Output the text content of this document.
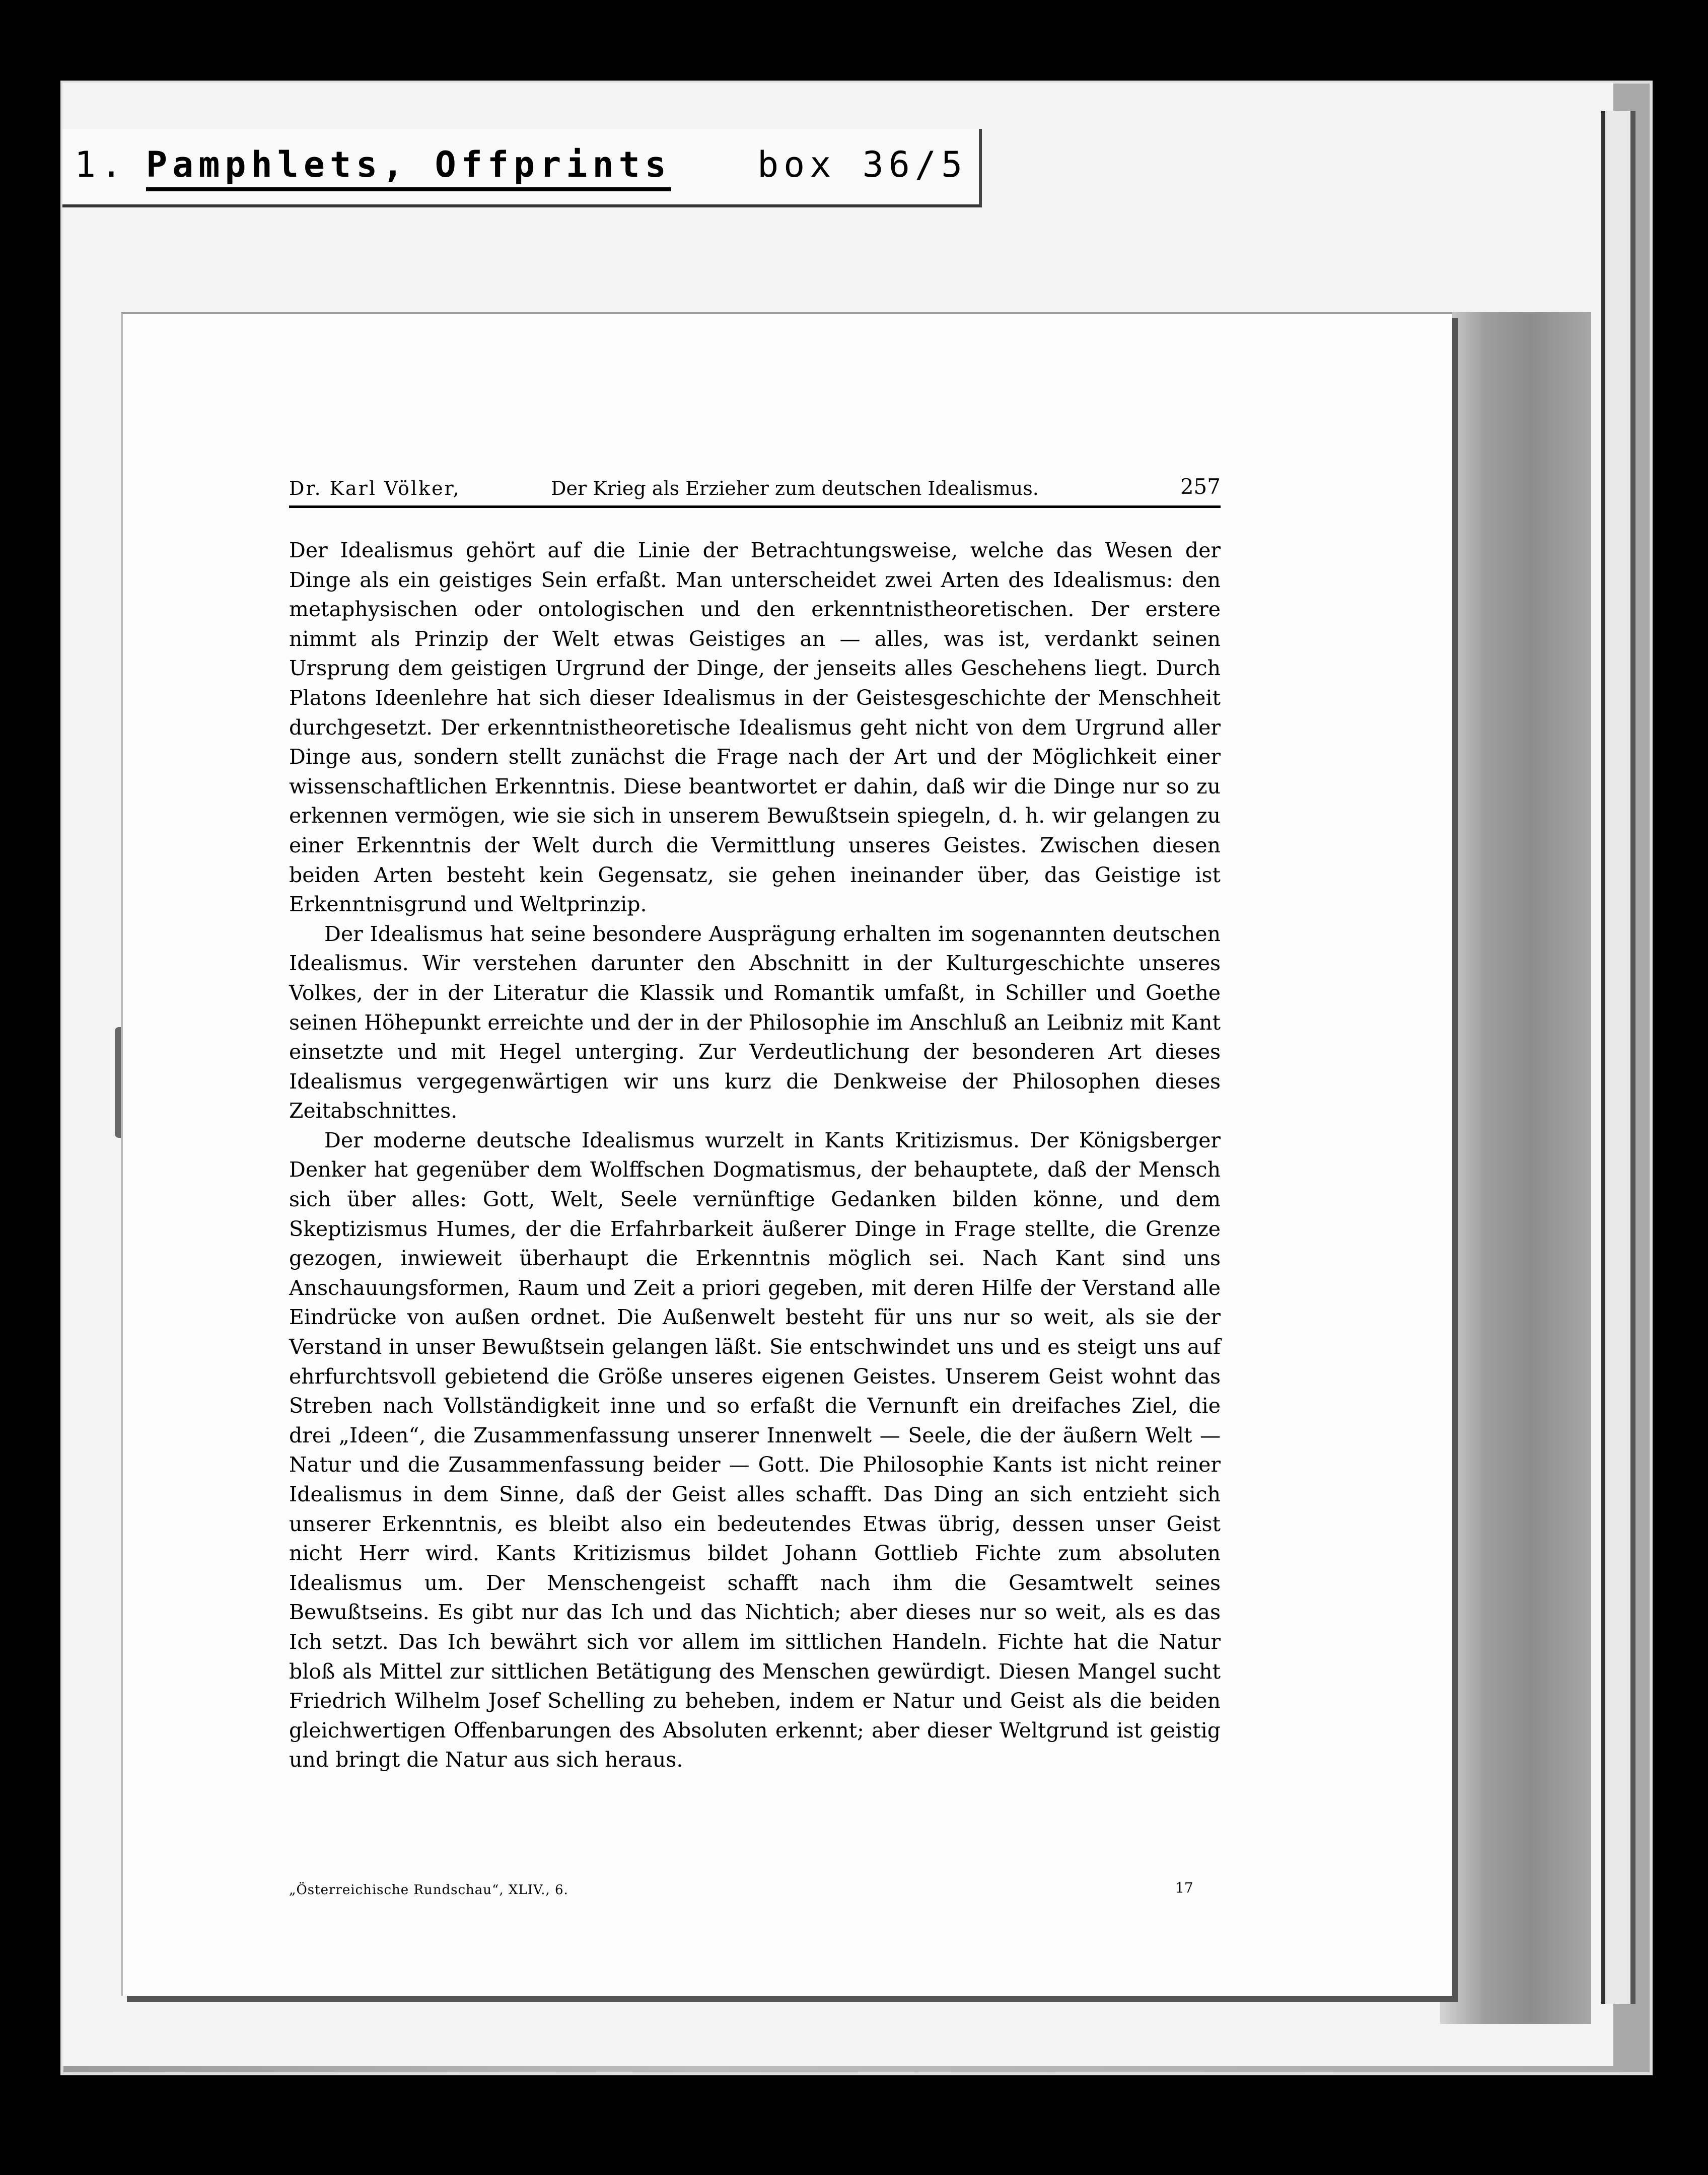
1. Pamphlets, Offprints box 36/5
Dr. Karl Völker,	Der Krieg als Erzieher zum deutschen Idealismus.	257

Der Idealismus gehört auf die Linie der Betrachtungsweise, welche das Wesen der Dinge als ein geistiges Sein erfaßt. Man unterscheidet zwei Arten des Idealismus: den metaphysischen oder ontologischen und den erkenntnistheoretischen. Der erstere nimmt als Prinzip der Welt etwas Geistiges an — alles, was ist, verdankt seinen Ursprung dem geistigen Urgrund der Dinge, der jenseits alles Geschehens liegt. Durch Platons Ideenlehre hat sich dieser Idealismus in der Geistesgeschichte der Menschheit durchgesetzt. Der erkenntnistheoretische Idealismus geht nicht von dem Urgrund aller Dinge aus, sondern stellt zunächst die Frage nach der Art und der Möglichkeit einer wissenschaftlichen Erkenntnis. Diese beantwortet er dahin, daß wir die Dinge nur so zu erkennen vermögen, wie sie sich in unserem Bewußtsein spiegeln, d. h. wir gelangen zu einer Erkenntnis der Welt durch die Vermittlung unseres Geistes. Zwischen diesen beiden Arten besteht kein Gegensatz, sie gehen ineinander über, das Geistige ist Erkenntnisgrund und Weltprinzip.

Der Idealismus hat seine besondere Ausprägung erhalten im sogenannten deutschen Idealismus. Wir verstehen darunter den Abschnitt in der Kulturgeschichte unseres Volkes, der in der Literatur die Klassik und Romantik umfaßt, in Schiller und Goethe seinen Höhepunkt erreichte und der in der Philosophie im Anschluß an Leibniz mit Kant einsetzte und mit Hegel unterging. Zur Verdeutlichung der besonderen Art dieses Idealismus vergegenwärtigen wir uns kurz die Denkweise der Philosophen dieses Zeitabschnittes.

Der moderne deutsche Idealismus wurzelt in Kants Kritizismus. Der Königsberger Denker hat gegenüber dem Wolffschen Dogmatismus, der behauptete, daß der Mensch sich über alles: Gott, Welt, Seele vernünftige Gedanken bilden könne, und dem Skeptizismus Humes, der die Erfahrbarkeit äußerer Dinge in Frage stellte, die Grenze gezogen, inwieweit überhaupt die Erkenntnis möglich sei. Nach Kant sind uns Anschauungsformen, Raum und Zeit a priori gegeben, mit deren Hilfe der Verstand alle Eindrücke von außen ordnet. Die Außenwelt besteht für uns nur so weit, als sie der Verstand in unser Bewußtsein gelangen läßt. Sie entschwindet uns und es steigt uns auf ehrfurchtsvoll gebietend die Größe unseres eigenen Geistes. Unserem Geist wohnt das Streben nach Vollständigkeit inne und so erfaßt die Vernunft ein dreifaches Ziel, die drei „Ideen“, die Zusammenfassung unserer Innenwelt — Seele, die der äußern Welt — Natur und die Zusammenfassung beider — Gott. Die Philosophie Kants ist nicht reiner Idealismus in dem Sinne, daß der Geist alles schafft. Das Ding an sich entzieht sich unserer Erkenntnis, es bleibt also ein bedeutendes Etwas übrig, dessen unser Geist nicht Herr wird. Kants Kritizismus bildet Johann Gottlieb Fichte zum absoluten Idealismus um. Der Menschengeist schafft nach ihm die Gesamtwelt seines Bewußtseins. Es gibt nur das Ich und das Nichtich; aber dieses nur so weit, als es das Ich setzt. Das Ich bewährt sich vor allem im sittlichen Handeln. Fichte hat die Natur bloß als Mittel zur sittlichen Betätigung des Menschen gewürdigt. Diesen Mangel sucht Friedrich Wilhelm Josef Schelling zu beheben, indem er Natur und Geist als die beiden gleichwertigen Offenbarungen des Absoluten erkennt; aber dieser Weltgrund ist geistig und bringt die Natur aus sich heraus.

„Österreichische Rundschau“, XLIV., 6.	17
